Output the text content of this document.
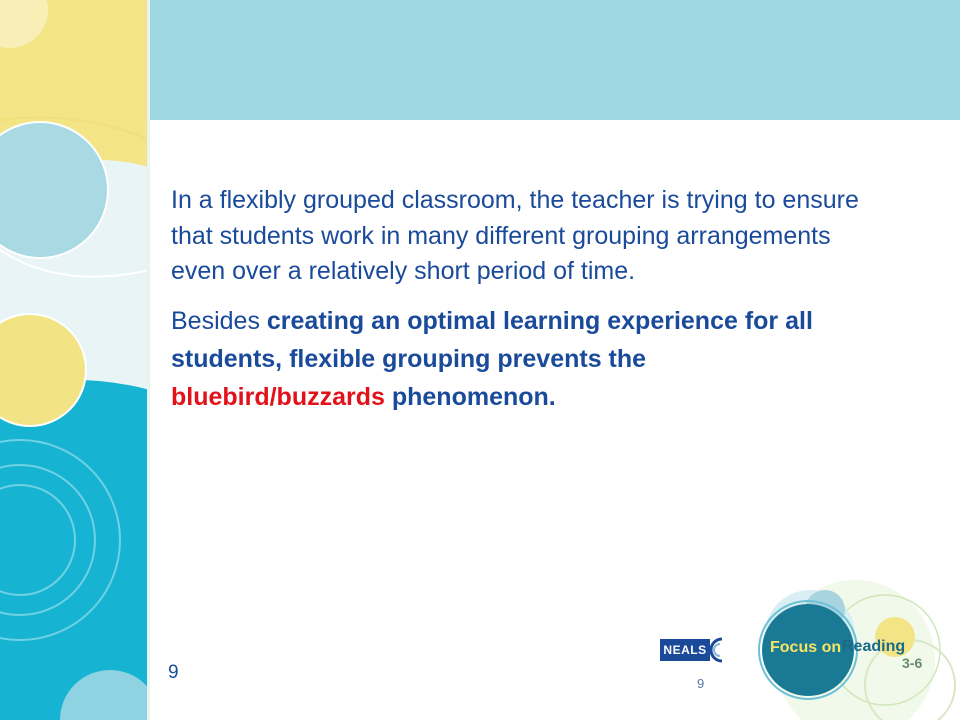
In a flexibly grouped classroom, the teacher is trying to ensure that students work in many different grouping arrangements even over a relatively short period of time.

Besides creating an optimal learning experience for all students, flexible grouping prevents the bluebird/buzzards phenomenon.

9
NEALS
9
Focus on Reading
3-6
